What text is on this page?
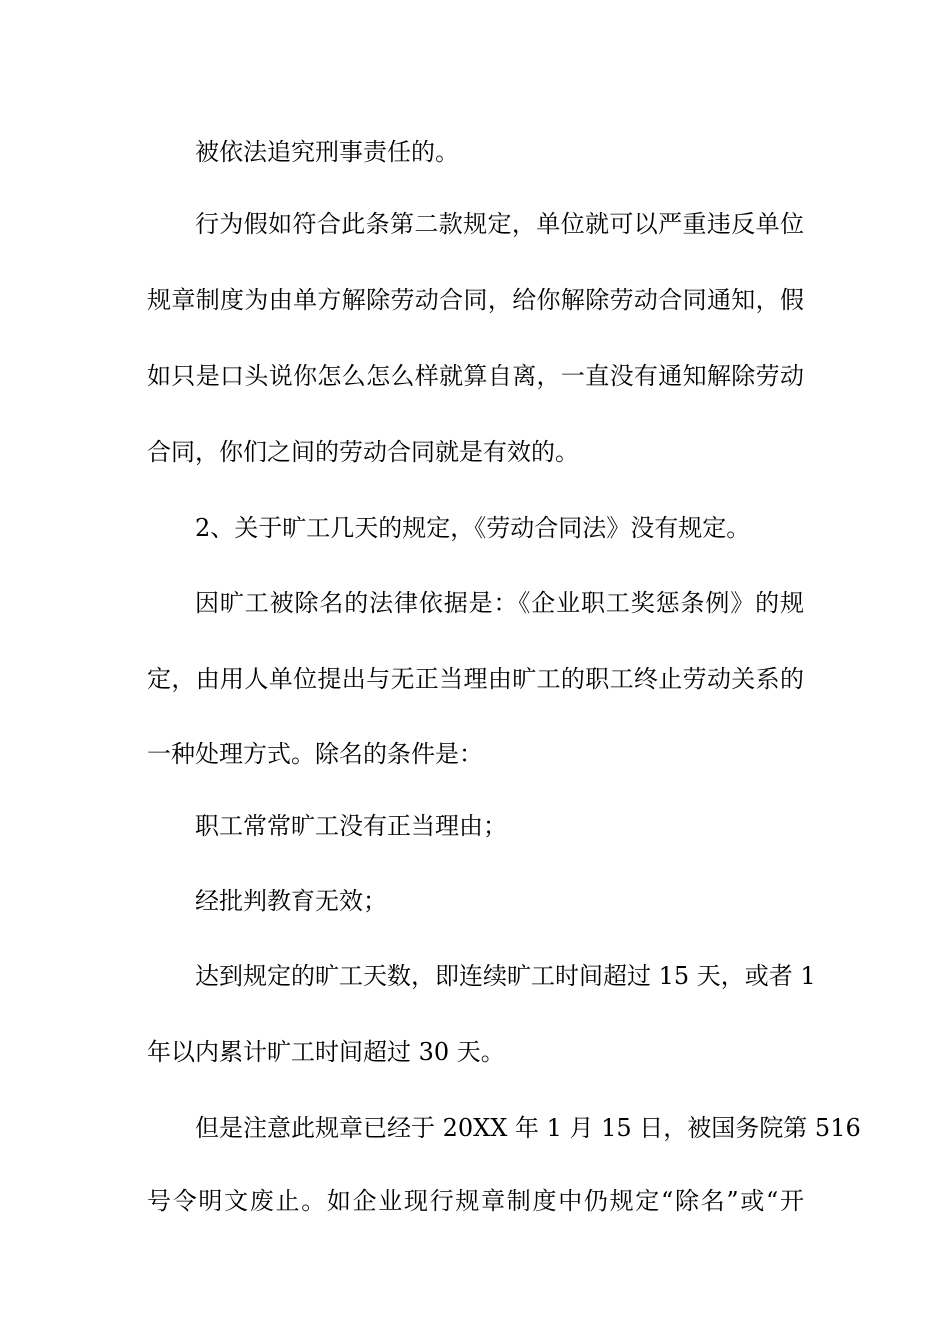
被依法追究刑事责任的。

行为假如符合此条第二款规定，单位就可以严重违反单位

规章制度为由单方解除劳动合同，给你解除劳动合同通知，假

如只是口头说你怎么怎么样就算自离，一直没有通知解除劳动

合同，你们之间的劳动合同就是有效的。

2、关于旷工几天的规定，《劳动合同法》没有规定。

因旷工被除名的法律依据是：《企业职工奖惩条例》的规

定，由用人单位提出与无正当理由旷工的职工终止劳动关系的

一种处理方式。除名的条件是：

职工常常旷工没有正当理由；

经批判教育无效；

达到规定的旷工天数，即连续旷工时间超过 15 天，或者 1

年以内累计旷工时间超过 30 天。

但是注意此规章已经于 20XX 年 1 月 15 日，被国务院第 516

号令明文废止。如企业现行规章制度中仍规定“除名”或“开
